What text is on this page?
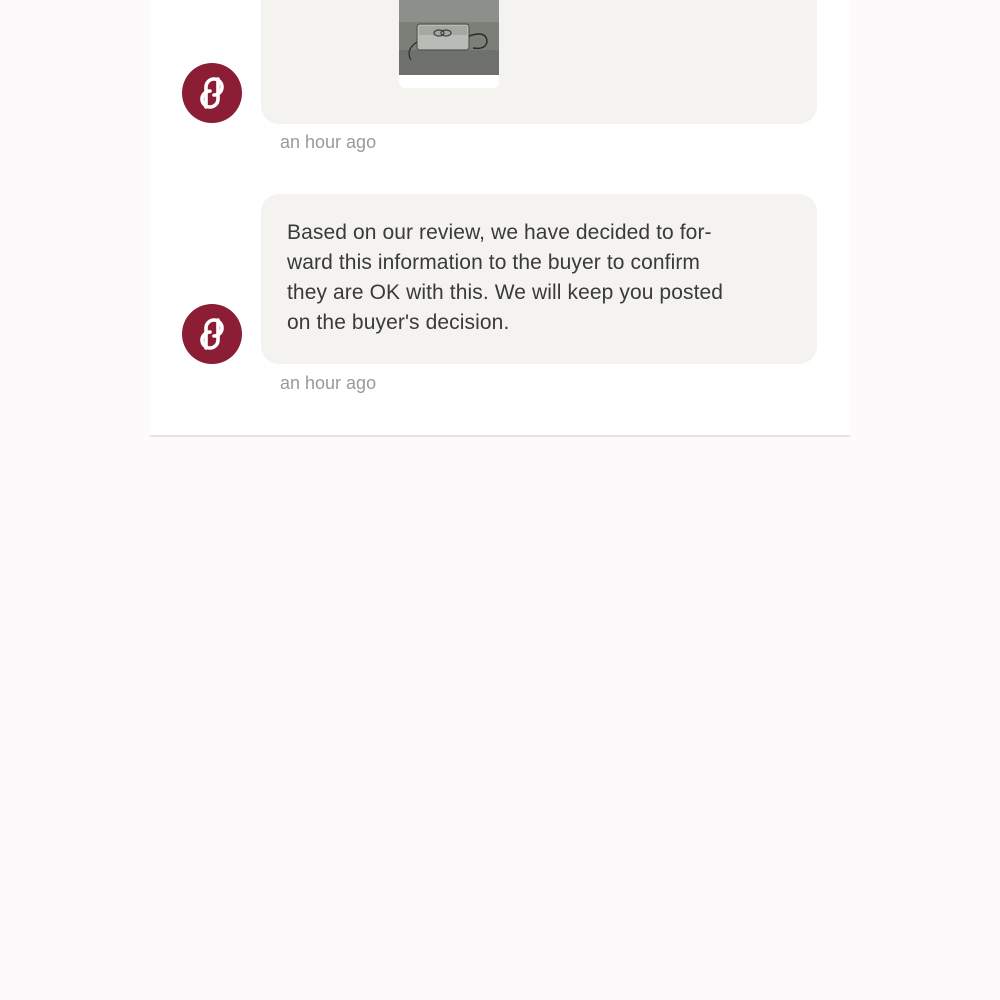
an hour ago
Based on our review, we have decided to for-
ward this information to the buyer to confirm
they are OK with this. We will keep you posted
on the buyer's decision.
an hour ago
